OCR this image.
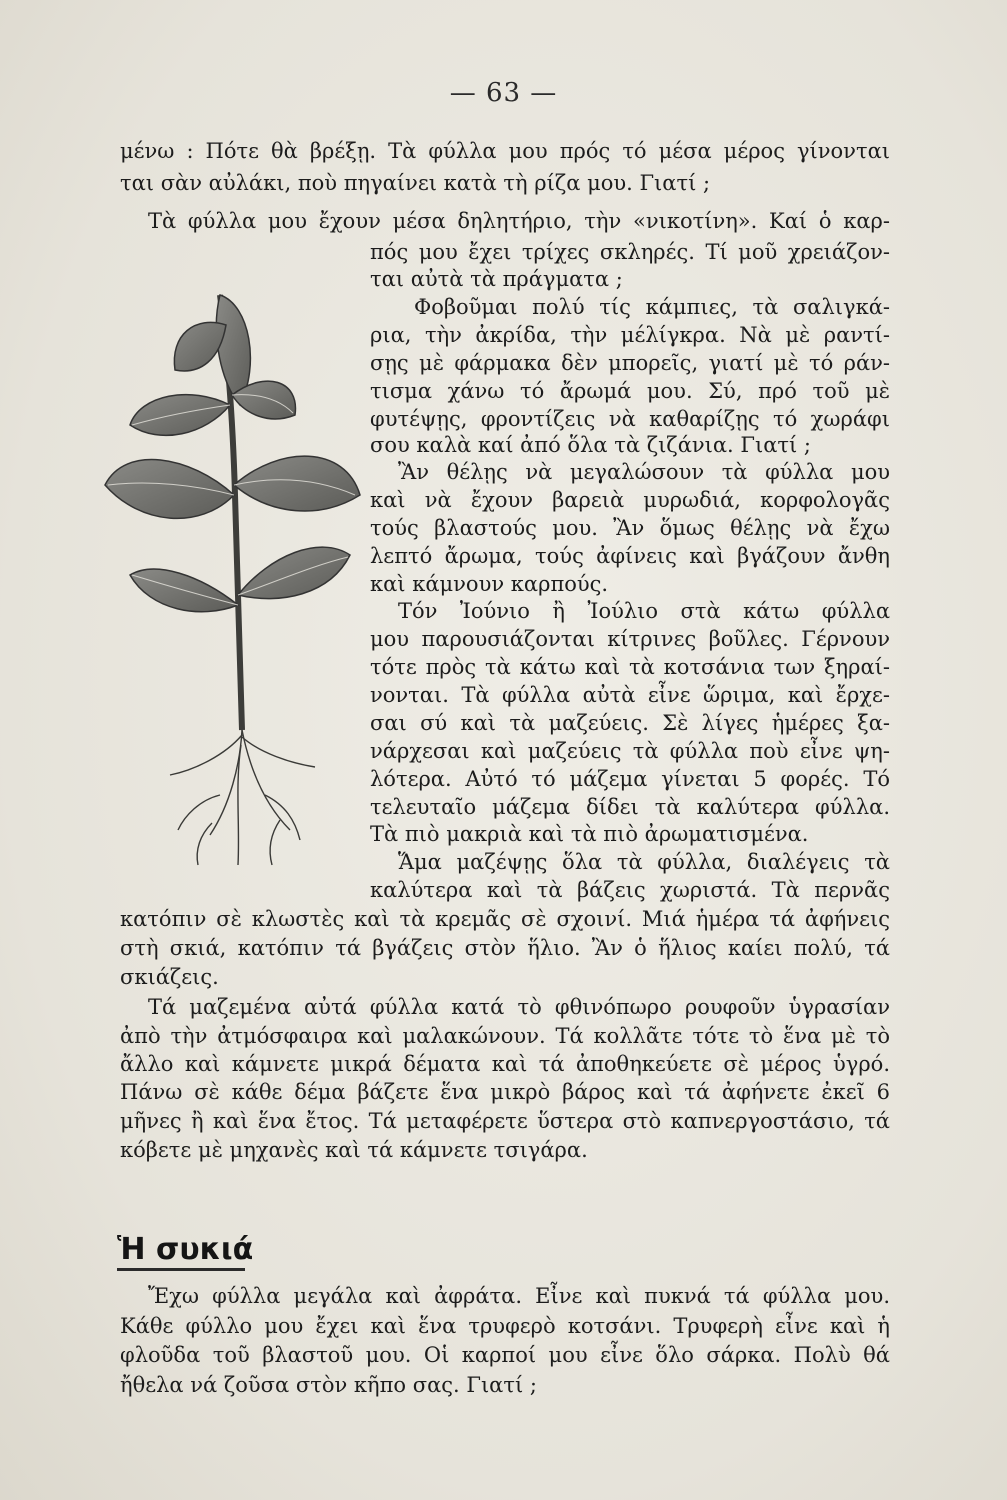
— 63 —
μένω : Πότε θὰ βρέξῃ. Τὰ φύλλα μου πρός τό μέσα μέρος γίνονται
ται σὰν αὐλάκι, ποὺ πηγαίνει κατὰ τὴ ρίζα μου. Γιατί ;
Τὰ φύλλα μου ἔχουν μέσα δηλητήριο, τὴν «νικοτίνη». Καί ὁ καρ-
πός μου ἔχει τρίχες σκληρές. Τί μοῦ χρειάζον-
ται αὐτὰ τὰ πράγματα ;
Φοβοῦμαι πολύ τίς κάμπιες, τὰ σαλιγκά-
ρια, τὴν ἀκρίδα, τὴν μέλίγκρα. Νὰ μὲ ραντί-
σῃς μὲ φάρμακα δὲν μπορεῖς, γιατί μὲ τό ράν-
τισμα χάνω τό ἄρωμά μου. Σύ, πρό τοῦ μὲ
φυτέψῃς, φροντίζεις νὰ καθαρίζῃς τό χωράφι
σου καλὰ καί ἀπό ὅλα τὰ ζιζάνια. Γιατί ;
Ἂν θέλῃς νὰ μεγαλώσουν τὰ φύλλα μου
καὶ νὰ ἔχουν βαρειὰ μυρωδιά, κορφολογᾶς
τούς βλαστούς μου. Ἂν ὅμως θέλῃς νὰ ἔχω
λεπτό ἄρωμα, τούς ἀφίνεις καὶ βγάζουν ἄνθη
καὶ κάμνουν καρπούς.
Τόν Ἰούνιο ἢ Ἰούλιο στὰ κάτω φύλλα
μου παρουσιάζονται κίτρινες βοῦλες. Γέρνουν
τότε πρὸς τὰ κάτω καὶ τὰ κοτσάνια των ξηραί-
νονται. Τὰ φύλλα αὐτὰ εἶνε ὥριμα, καὶ ἔρχε-
σαι σύ καὶ τὰ μαζεύεις. Σὲ λίγες ἡμέρες ξα-
νάρχεσαι καὶ μαζεύεις τὰ φύλλα ποὺ εἶνε ψη-
λότερα. Αὐτό τό μάζεμα γίνεται 5 φορές. Τό
τελευταῖο μάζεμα δίδει τὰ καλύτερα φύλλα.
Τὰ πιὸ μακριὰ καὶ τὰ πιὸ ἀρωματισμένα.
Ἅμα μαζέψῃς ὅλα τὰ φύλλα, διαλέγεις τὰ
καλύτερα καὶ τὰ βάζεις χωριστά. Τὰ περνᾶς
κατόπιν σὲ κλωστὲς καὶ τὰ κρεμᾶς σὲ σχοινί. Μιά ἡμέρα τά ἀφήνεις
στὴ σκιά, κατόπιν τά βγάζεις στὸν ἥλιο. Ἂν ὁ ἥλιος καίει πολύ, τά
σκιάζεις.
Τά μαζεμένα αὐτά φύλλα κατά τὸ φθινόπωρο ρουφοῦν ὑγρασίαν
ἀπὸ τὴν ἀτμόσφαιρα καὶ μαλακώνουν. Τά κολλᾶτε τότε τὸ ἕνα μὲ τὸ
ἄλλο καὶ κάμνετε μικρά δέματα καὶ τά ἀποθηκεύετε σὲ μέρος ὑγρό.
Πάνω σὲ κάθε δέμα βάζετε ἕνα μικρὸ βάρος καὶ τά ἀφήνετε ἐκεῖ 6
μῆνες ἢ καὶ ἕνα ἔτος. Τά μεταφέρετε ὕστερα στὸ καπνεργοστάσιο, τά
κόβετε μὲ μηχανὲς καὶ τά κάμνετε τσιγάρα.
Ἡ συκιά
Ἔχω φύλλα μεγάλα καὶ ἀφράτα. Εἶνε καὶ πυκνά τά φύλλα μου.
Κάθε φύλλο μου ἔχει καὶ ἕνα τρυφερὸ κοτσάνι. Τρυφερὴ εἶνε καὶ ἡ
φλοῦδα τοῦ βλαστοῦ μου. Οἱ καρποί μου εἶνε ὅλο σάρκα. Πολὺ θά
ἤθελα νά ζοῦσα στὸν κῆπο σας. Γιατί ;
